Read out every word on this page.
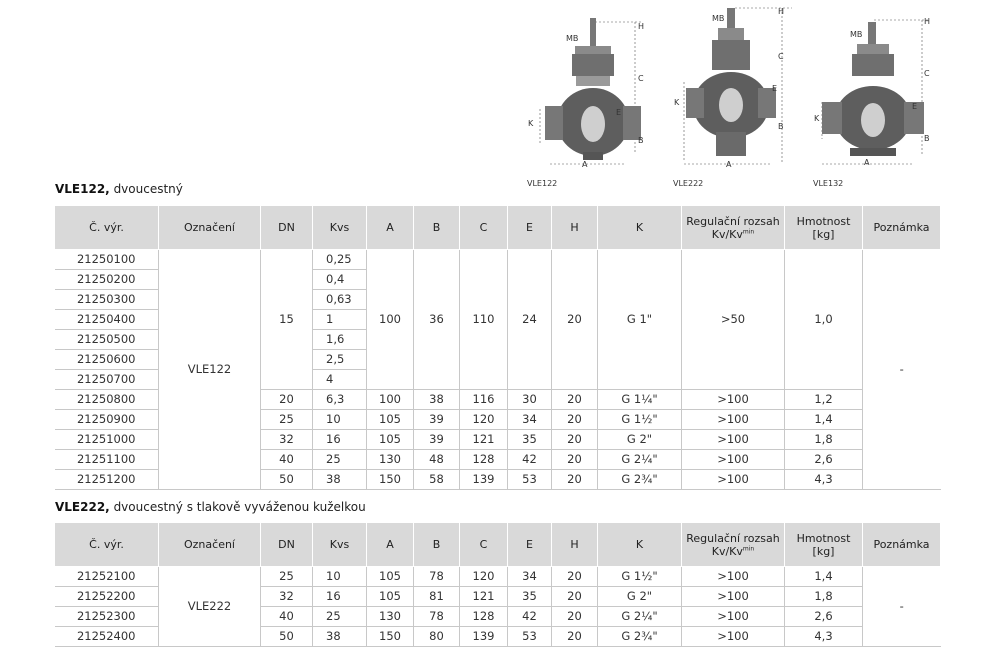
MB
H
C
K
E
B
A
VLE122
MB
H
C
K
E
B
A
VLE222
MB
H
C
K
E
B
A
VLE132
VLE122, dvoucestný
Č. výr.	Označení	DN	Kvs	A	B	C	E	H	K	Regulační rozsah
$Kv/Kv^{min}$	Hmotnost
[kg]	Poznámka
21250100	VLE122	15	0,25	100	36	110	24	20	G 1"	>50	1,0	-
21250200			0,4									
21250300			0,63									
21250400			1									
21250500			1,6									
21250600			2,5									
21250700			4									
21250800		20	6,3	100	38	116	30	20	G 1¼"	>100	1,2	
21250900		25	10	105	39	120	34	20	G 1½"	>100	1,4	
21251000		32	16	105	39	121	35	20	G 2"	>100	1,8	
21251100		40	25	130	48	128	42	20	G 2¼"	>100	2,6	
21251200		50	38	150	58	139	53	20	G 2¾"	>100	4,3	
VLE222, dvoucestný s tlakově vyváženou kuželkou
Č. výr.	Označení	DN	Kvs	A	B	C	E	H	K	Regulační rozsah
$Kv/Kv^{min}$	Hmotnost
[kg]	Poznámka
21252100	VLE222	25	10	105	78	120	34	20	G 1½"	>100	1,4	-
21252200		32	16	105	81	121	35	20	G 2"	>100	1,8	
21252300		40	25	130	78	128	42	20	G 2¼"	>100	2,6	
21252400		50	38	150	80	139	53	20	G 2¾"	>100	4,3	
